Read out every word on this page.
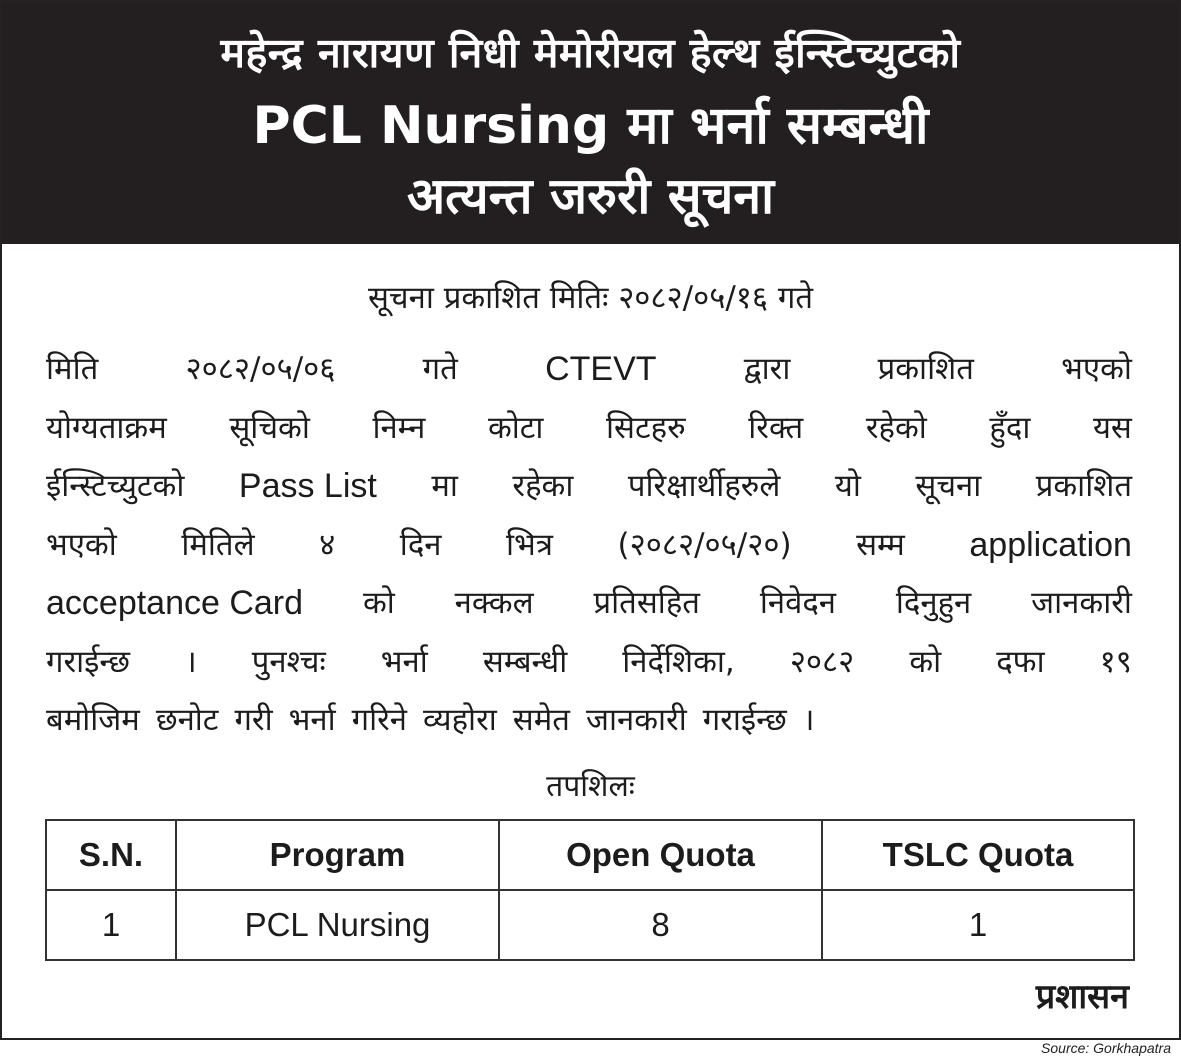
महेन्द्र नारायण निधी मेमोरीयल हेल्थ ईन्स्टिच्युटको
PCL Nursing मा भर्ना सम्बन्धी
अत्यन्त जरुरी सूचना
सूचना प्रकाशित मितिः २०८२/०५/१६ गते
मिति	२०८२/०५/०६	गते	CTEVT	द्वारा	प्रकाशित	भएको
योग्यताक्रम सूचिको निम्न कोटा सिटहरु रिक्त रहेको हुँदा यस
ईन्स्टिच्युटको Pass List मा रहेका परिक्षार्थीहरुले यो सूचना प्रकाशित
भएको मितिले ४ दिन भित्र (२०८२/०५/२०) सम्म application
acceptance Card को नक्कल प्रतिसहित निवेदन दिनुहुन जानकारी
गराईन्छ । पुनश्चः भर्ना सम्बन्धी निर्देशिका, २०८२ को दफा १९
बमोजिम छनोट गरी भर्ना गरिने व्यहोरा समेत जानकारी गराईन्छ ।
तपशिलः
S.N.	Program	Open Quota	TSLC Quota
1	PCL Nursing	8	1
प्रशासन
Source: Gorkhapatra
